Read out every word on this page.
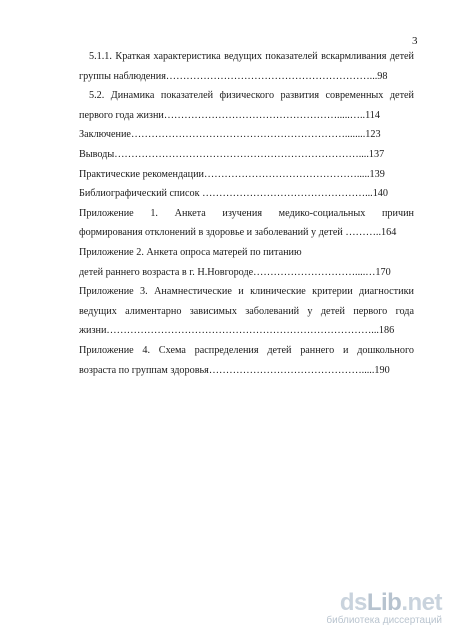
3
5.1.1. Краткая характеристика ведущих показателей вскармливания детей
группы наблюдения……………………………………………………...98
5.2. Динамика показателей физического развития современных детей
первого года жизни…………………………………………….....…..114
Заключение………………………………………………………........123
Выводы………………………………………………………………....137
Практические рекомендации……………………………………….....139
Библиографический список …………………………………………...140
Приложение 1. Анкета изучения медико-социальных причин
формирования отклонений в здоровье и заболеваний у детей ………..164
Приложение 2. Анкета опроса матерей по питанию
детей раннего возраста в г. Н.Новгороде…………………………....…170
Приложение 3. Анамнестические и клинические критерии диагностики
ведущих алиментарно зависимых заболеваний у детей первого года
жизни……………………………………………………………………...186
Приложение 4. Схема распределения детей раннего и дошкольного
возраста по группам здоровья……………………………………….....190
dsLib.net
библиотека диссертаций
